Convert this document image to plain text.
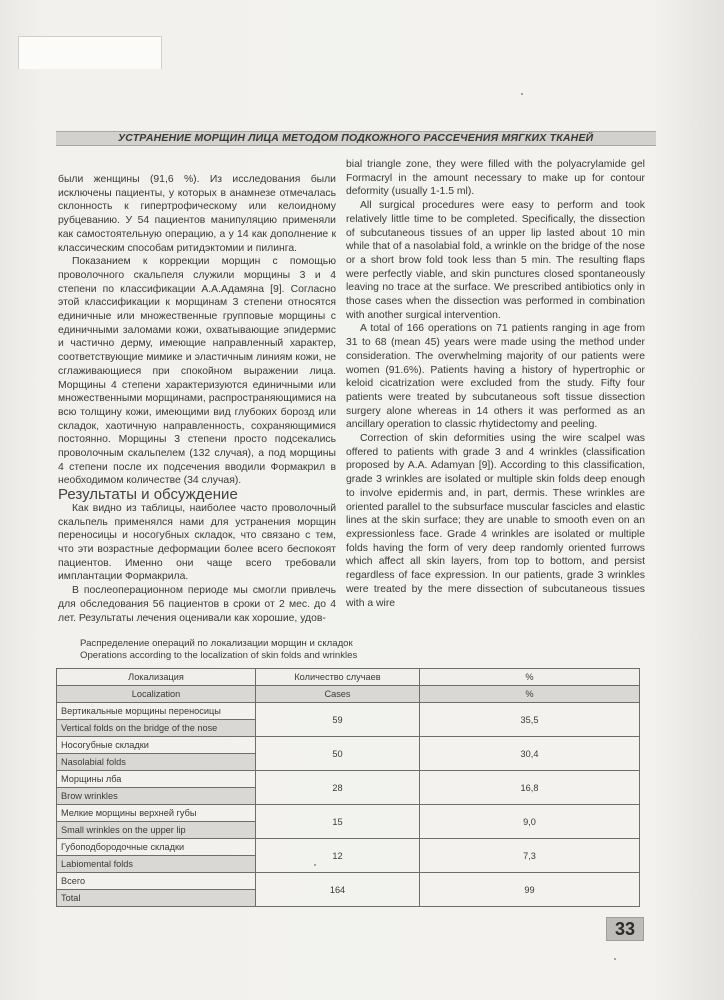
УСТРАНЕНИЕ МОРЩИН ЛИЦА МЕТОДОМ ПОДКОЖНОГО РАССЕЧЕНИЯ МЯГКИХ ТКАНЕЙ

были женщины (91,6 %). Из исследования были исключены пациенты, у которых в анамнезе отмечалась склонность к гипертрофическому или келоидному рубцеванию. У 54 пациентов манипуляцию применяли как самостоятельную операцию, а у 14 как дополнение к классическим способам ритидэктомии и пилинга.

Показанием к коррекции морщин с помощью проволочного скальпеля служили морщины 3 и 4 степени по классификации А.А.Адамяна [9]. Согласно этой классификации к морщинам 3 степени относятся единичные или множественные групповые морщины с единичными заломами кожи, охватывающие эпидермис и частично дерму, имеющие направленный характер, соответствующие мимике и эластичным линиям кожи, не сглаживающиеся при спокойном выражении лица. Морщины 4 степени характеризуются единичными или множественными морщинами, распространяющимися на всю толщину кожи, имеющими вид глубоких борозд или складок, хаотичную направленность, сохраняющимися постоянно. Морщины 3 степени просто подсекались проволочным скальпелем (132 случая), а под морщины 4 степени после их подсечения вводили Формакрил в необходимом количестве (34 случая).

Результаты и обсуждение

Как видно из таблицы, наиболее часто проволочный скальпель применялся нами для устранения морщин переносицы и носогубных складок, что связано с тем, что эти возрастные деформации более всего беспокоят пациентов. Именно они чаще всего требовали имплантации Формакрила.

В послеоперационном периоде мы смогли привлечь для обследования 56 пациентов в сроки от 2 мес. до 4 лет. Результаты лечения оценивали как хорошие, удов-

bial triangle zone, they were filled with the polyacrylamide gel Formacryl in the amount necessary to make up for contour deformity (usually 1-1.5 ml).

All surgical procedures were easy to perform and took relatively little time to be completed. Specifically, the dissection of subcutaneous tissues of an upper lip lasted about 10 min while that of a nasolabial fold, a wrinkle on the bridge of the nose or a short brow fold took less than 5 min. The resulting flaps were perfectly viable, and skin punctures closed spontaneously leaving no trace at the surface. We prescribed antibiotics only in those cases when the dissection was performed in combination with another surgical intervention.

A total of 166 operations on 71 patients ranging in age from 31 to 68 (mean 45) years were made using the method under consideration. The overwhelming majority of our patients were women (91.6%). Patients having a history of hypertrophic or keloid cicatrization were excluded from the study. Fifty four patients were treated by subcutaneous soft tissue dissection surgery alone whereas in 14 others it was performed as an ancillary operation to classic rhytidectomy and peeling.

Correction of skin deformities using the wire scalpel was offered to patients with grade 3 and 4 wrinkles (classification proposed by A.A. Adamyan [9]). According to this classification, grade 3 wrinkles are isolated or multiple skin folds deep enough to involve epidermis and, in part, dermis. These wrinkles are oriented parallel to the subsurface muscular fascicles and elastic lines at the skin surface; they are unable to smooth even on an expressionless face. Grade 4 wrinkles are isolated or multiple folds having the form of very deep randomly oriented furrows which affect all skin layers, from top to bottom, and persist regardless of face expression. In our patients, grade 3 wrinkles were treated by the mere dissection of subcutaneous tissues with a wire

Распределение операций по локализации морщин и складок
Operations according to the localization of skin folds and wrinkles
Локализация	Количество случаев	%
Localization	Cases	%
Вертикальные морщины переносицы	59	35,5
Vertical folds on the bridge of the nose		
Носогубные складки	50	30,4
Nasolabial folds		
Морщины лба	28	16,8
Brow wrinkles		
Мелкие морщины верхней губы	15	9,0
Small wrinkles on the upper lip		
Губоподбородочные складки	12	7,3
Labiomental folds		
Всего	164	99
Total		
33
